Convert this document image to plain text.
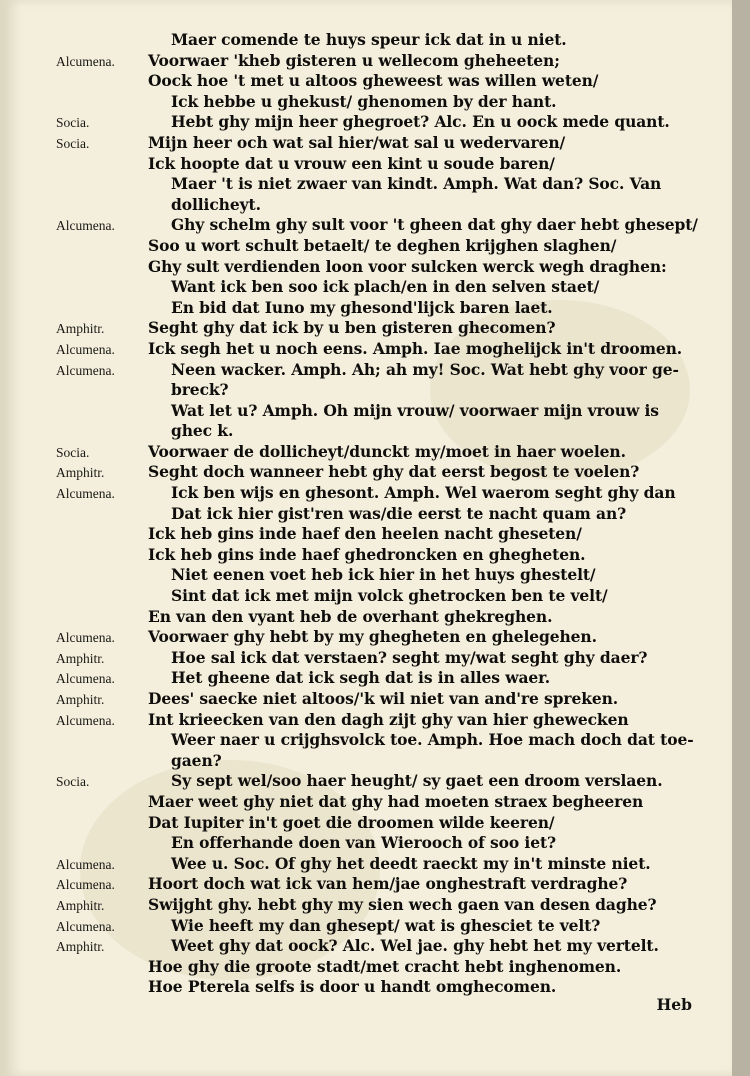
Maer comende te huys speur ick dat in u niet.
Alcumena.	Voorwaer 'kheb gisteren u wellecom gheheeten;
Oock hoe 't met u altoos gheweest was willen weten/
Ick hebbe u ghekust/ ghenomen by der hant.
Socia.	Hebt ghy mijn heer ghegroet? Alc. En u oock mede quant.
Socia.	Mijn heer och wat sal hier/wat sal u wedervaren/
Ick hoopte dat u vrouw een kint u soude baren/
Maer 't is niet zwaer van kindt. Amph. Wat dan? Soc. Van
dollicheyt.
Alcumena.	Ghy schelm ghy sult voor 't gheen dat ghy daer hebt ghesept/
Soo u wort schult betaelt/ te deghen krijghen slaghen/
Ghy sult verdienden loon voor sulcken werck wegh draghen:
Want ick ben soo ick plach/en in den selven staet/
En bid dat Iuno my ghesond'lijck baren laet.
Amphitr.	Seght ghy dat ick by u ben gisteren ghecomen?
Alcumena.	Ick segh het u noch eens. Amph. Iae moghelijck in't droomen.
Alcumena.	Neen wacker. Amph. Ah; ah my! Soc. Wat hebt ghy voor ge-
breck?
Wat let u? Amph. Oh mijn vrouw/ voorwaer mijn vrouw is
ghec k.
Socia.	Voorwaer de dollicheyt/dunckt my/moet in haer woelen.
Amphitr.	Seght doch wanneer hebt ghy dat eerst begost te voelen?
Alcumena.	Ick ben wijs en ghesont. Amph. Wel waerom seght ghy dan
Dat ick hier gist'ren was/die eerst te nacht quam an?
Ick heb gins inde haef den heelen nacht gheseten/
Ick heb gins inde haef ghedroncken en ghegheten.
Niet eenen voet heb ick hier in het huys ghestelt/
Sint dat ick met mijn volck ghetrocken ben te velt/
En van den vyant heb de overhant ghekreghen.
Alcumena.	Voorwaer ghy hebt by my ghegheten en ghelegehen.
Amphitr.	Hoe sal ick dat verstaen? seght my/wat seght ghy daer?
Alcumena.	Het gheene dat ick segh dat is in alles waer.
Amphitr.	Dees' saecke niet altoos/'k wil niet van and're spreken.
Alcumena.	Int krieecken van den dagh zijt ghy van hier ghewecken
Weer naer u crijghsvolck toe. Amph. Hoe mach doch dat toe-
gaen?
Socia.	Sy sept wel/soo haer heught/ sy gaet een droom verslaen.
Maer weet ghy niet dat ghy had moeten straex begheeren
Dat Iupiter in't goet die droomen wilde keeren/
En offerhande doen van Wierooch of soo iet?
Alcumena.	Wee u. Soc. Of ghy het deedt raeckt my in't minste niet.
Alcumena.	Hoort doch wat ick van hem/jae onghestraft verdraghe?
Amphitr.	Swijght ghy. hebt ghy my sien wech gaen van desen daghe?
Alcumena.	Wie heeft my dan ghesept/ wat is ghesciet te velt?
Amphitr.	Weet ghy dat oock? Alc. Wel jae. ghy hebt het my vertelt.
Hoe ghy die groote stadt/met cracht hebt inghenomen.
Hoe Pterela selfs is door u handt omghecomen.
Heb
